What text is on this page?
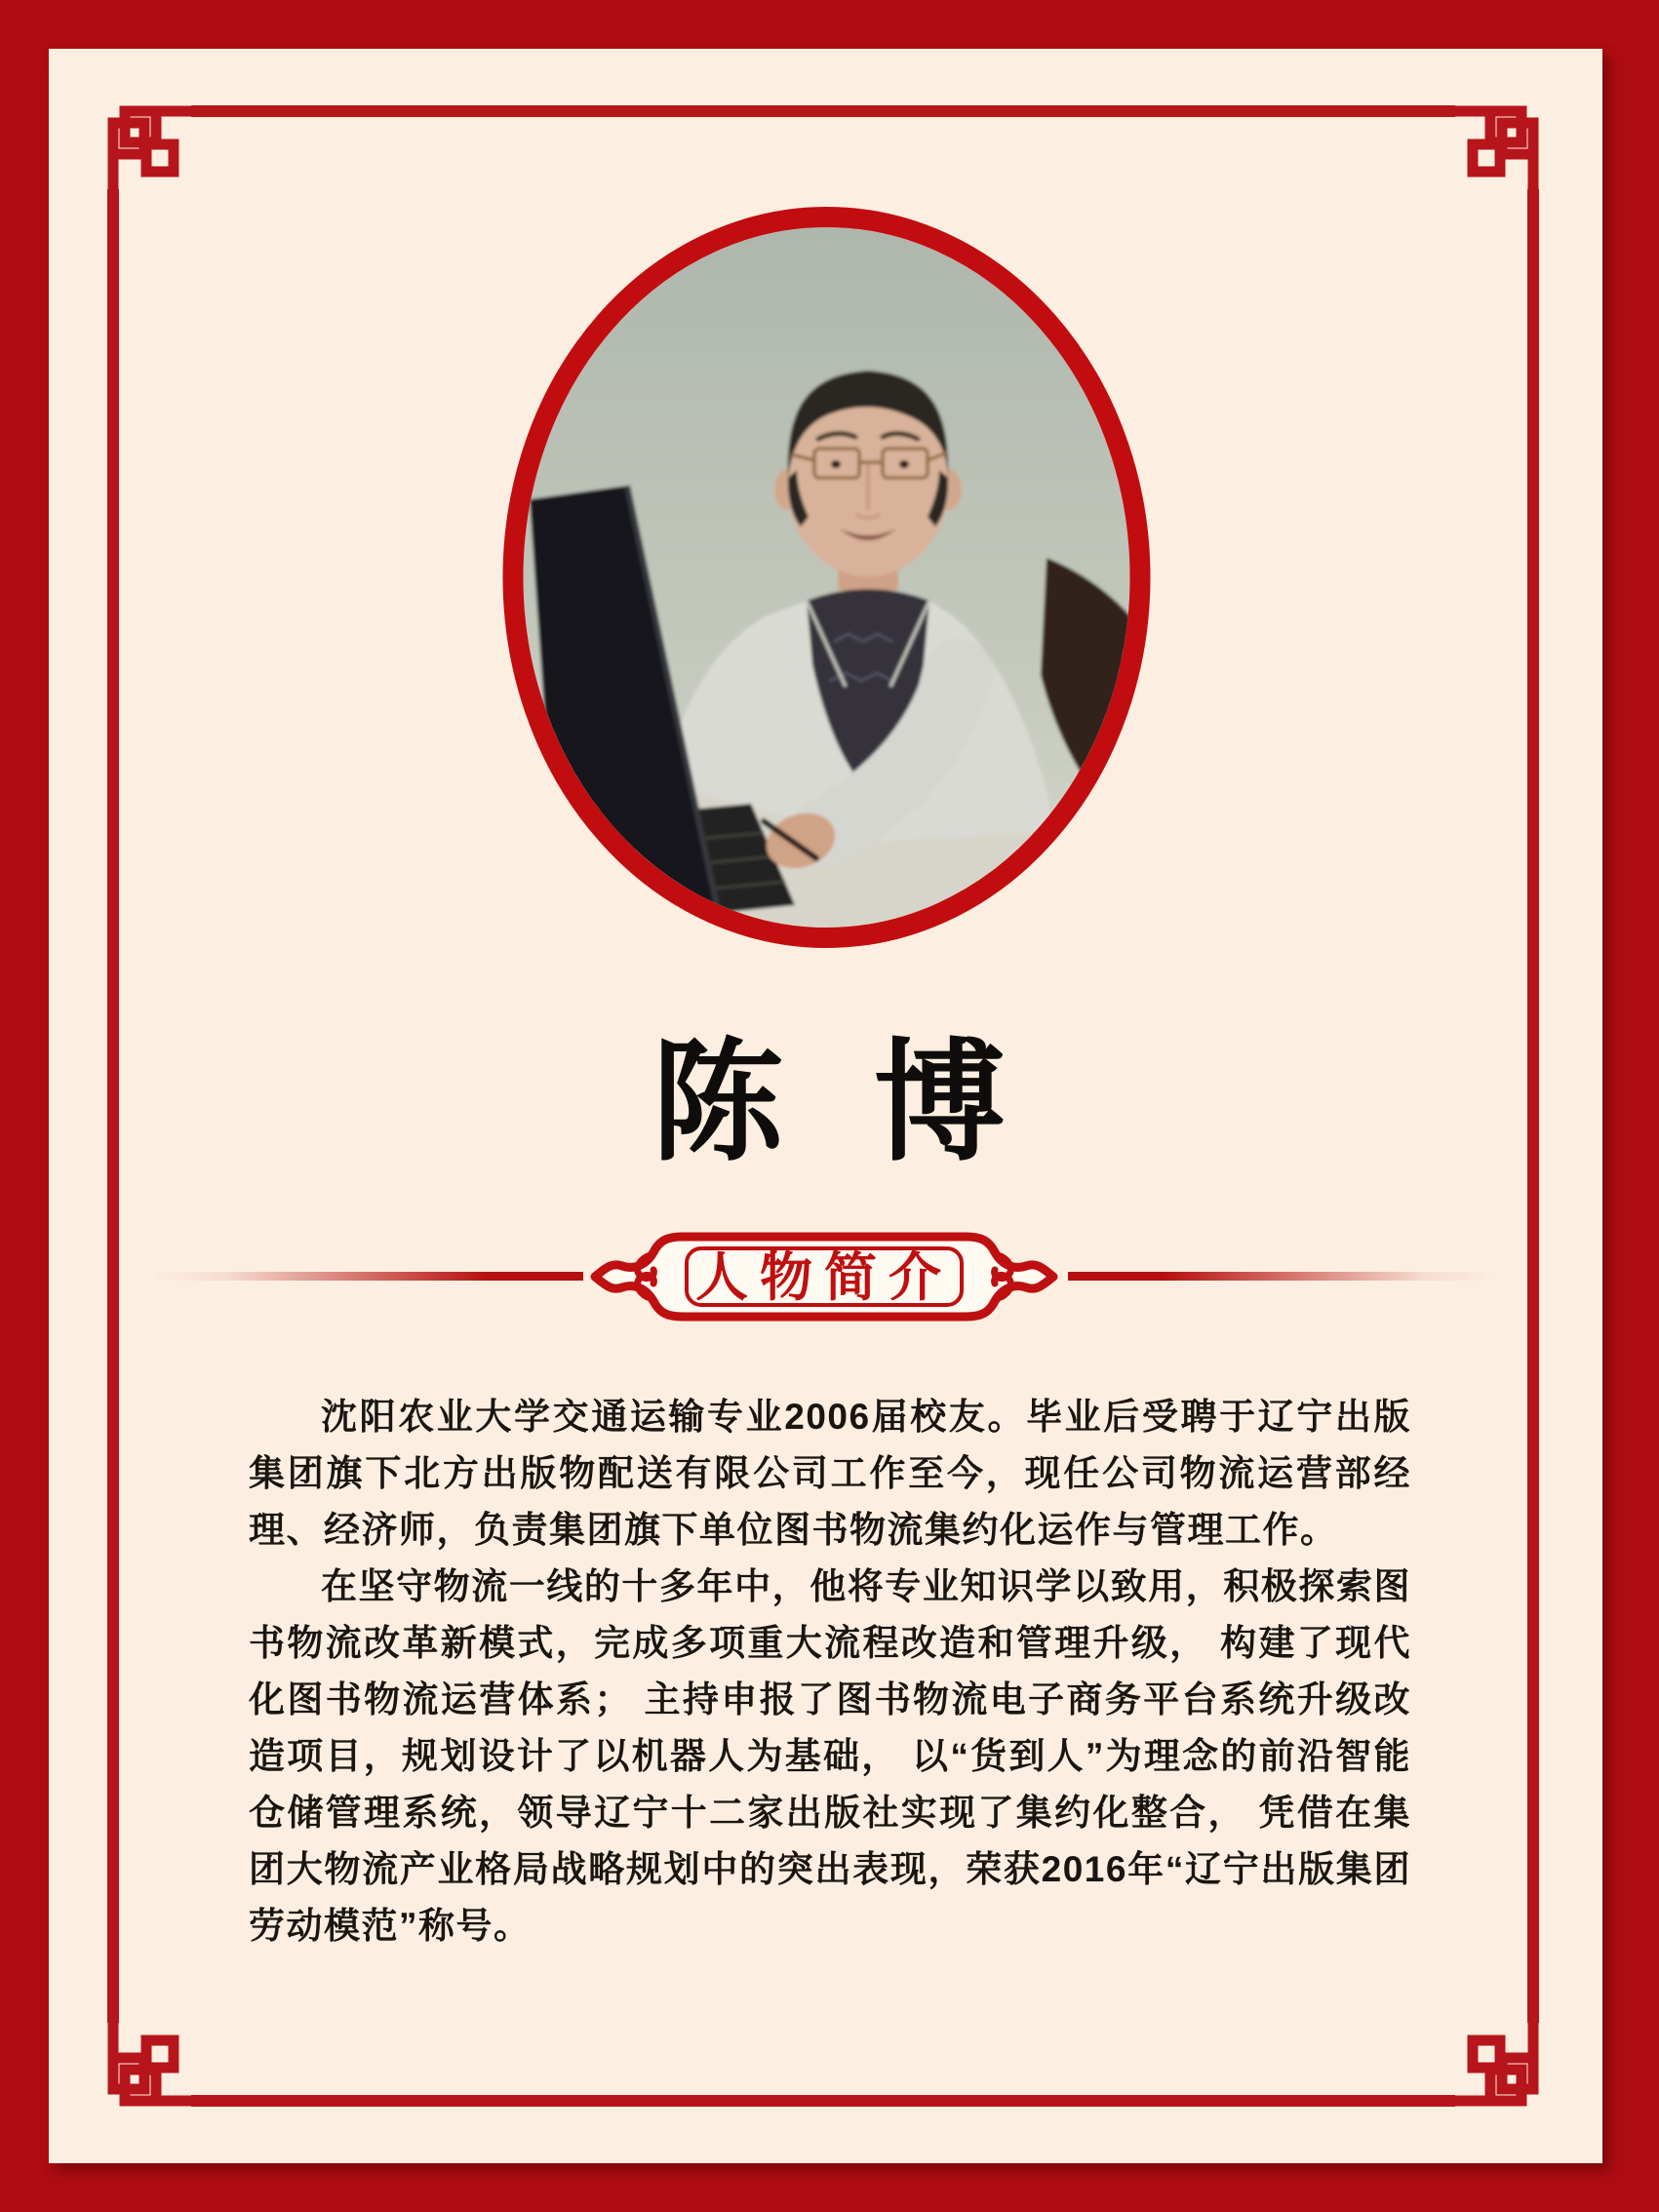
陈 博
人物简介

沈阳农业大学交通运输专业2006届校友。毕业后受聘于辽宁出版集团旗下北方出版物配送有限公司工作至今，现任公司物流运营部经理、经济师，负责集团旗下单位图书物流集约化运作与管理工作。

在坚守物流一线的十多年中，他将专业知识学以致用，积极探索图书物流改革新模式，完成多项重大流程改造和管理升级， 构建了现代化图书物流运营体系； 主持申报了图书物流电子商务平台系统升级改造项目，规划设计了以机器人为基础， 以“货到人”为理念的前沿智能仓储管理系统，领导辽宁十二家出版社实现了集约化整合， 凭借在集团大物流产业格局战略规划中的突出表现，荣获2016年“辽宁出版集团劳动模范”称号。
